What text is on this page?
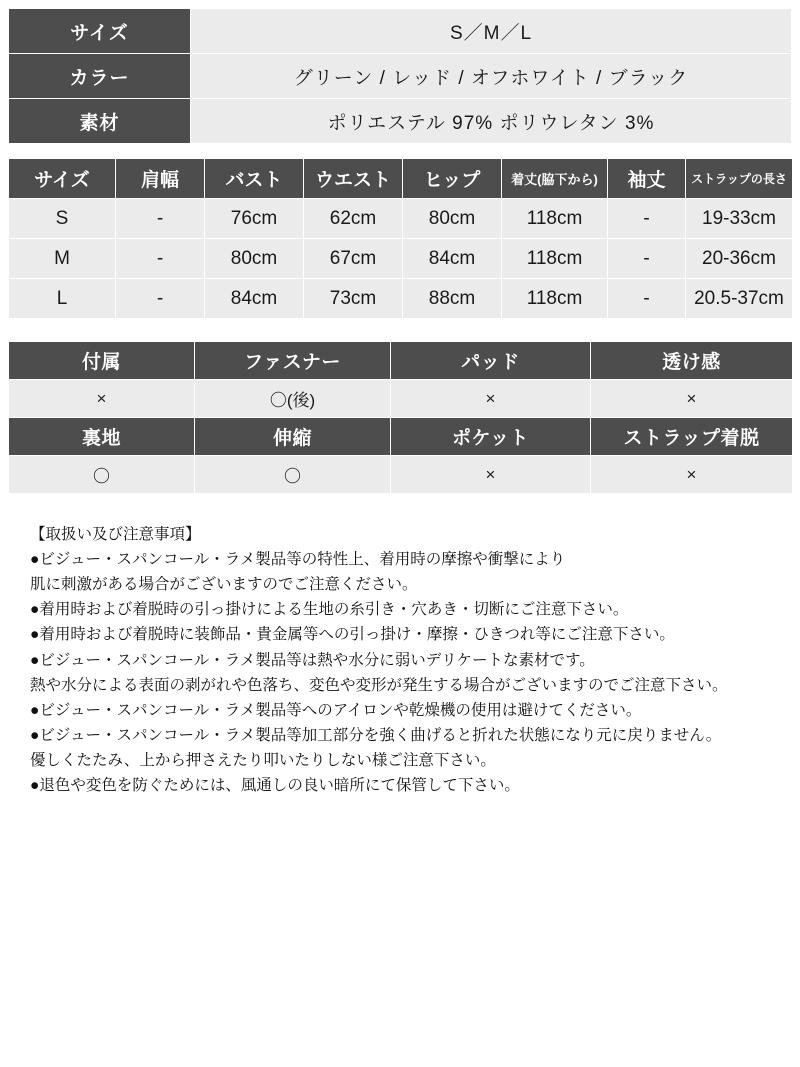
サイズ	S／M／L
カラー	グリーン / レッド / オフホワイト / ブラック
素材	ポリエステル 97% ポリウレタン 3%
サイズ	肩幅	バスト	ウエスト	ヒップ	着丈(脇下から)	袖丈	ストラップの長さ
S	-	76cm	62cm	80cm	118cm	-	19-33cm
M	-	80cm	67cm	84cm	118cm	-	20-36cm
L	-	84cm	73cm	88cm	118cm	-	20.5-37cm
付属	ファスナー	パッド	透け感
×	〇(後)	×	×
裏地	伸縮	ポケット	ストラップ着脱
〇	〇	×	×
【取扱い及び注意事項】
●ビジュー・スパンコール・ラメ製品等の特性上、着用時の摩擦や衝撃により
肌に刺激がある場合がございますのでご注意ください。
●着用時および着脱時の引っ掛けによる生地の糸引き・穴あき・切断にご注意下さい。
●着用時および着脱時に装飾品・貴金属等への引っ掛け・摩擦・ひきつれ等にご注意下さい。
●ビジュー・スパンコール・ラメ製品等は熱や水分に弱いデリケートな素材です。
熱や水分による表面の剥がれや色落ち、変色や変形が発生する場合がございますのでご注意下さい。
●ビジュー・スパンコール・ラメ製品等へのアイロンや乾燥機の使用は避けてください。
●ビジュー・スパンコール・ラメ製品等加工部分を強く曲げると折れた状態になり元に戻りません。
優しくたたみ、上から押さえたり叩いたりしない様ご注意下さい。
●退色や変色を防ぐためには、風通しの良い暗所にて保管して下さい。
